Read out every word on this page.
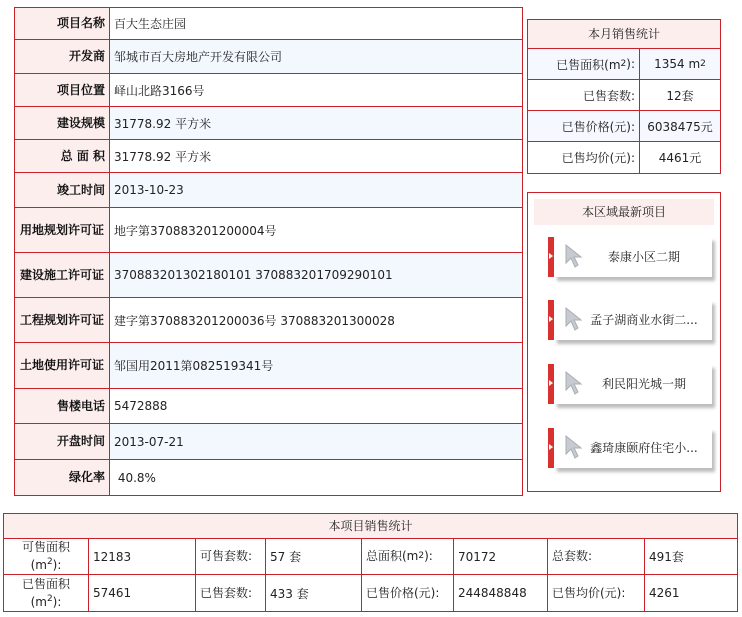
项目名称 百大生态庄园
开发商 邹城市百大房地产开发有限公司
项目位置 峄山北路3166号
建设规模 31778.92 平方米
总 面 积 31778.92 平方米
竣工时间 2013-10-23
用地规划许可证 地字第370883201200004号
建设施工许可证 370883201302180101 370883201709290101
工程规划许可证 建字第370883201200036号 370883201300028
土地使用许可证 邹国用2011第082519341号
售楼电话 5472888
开盘时间 2013-07-21
绿化率 40.8%
本月销售统计
已售面积(m 2 ): 1354 m 2
已售套数:	12套
已售价格(元):	6038475元
已售均价(元):	4461元
本区域最新项目
泰康小区二期
孟子湖商业水街二...
利民阳光城一期
鑫琦康颐府住宅小...
本项目销售统计
可售面积
$(m^2)$:
12183	可售套数:	57 套	总面积(m 2 ):	70172	总套数:	491套
已售面积
$(m^2)$:
57461	已售套数:	433 套	已售价格(元):	244848848	已售均价(元):	4261
